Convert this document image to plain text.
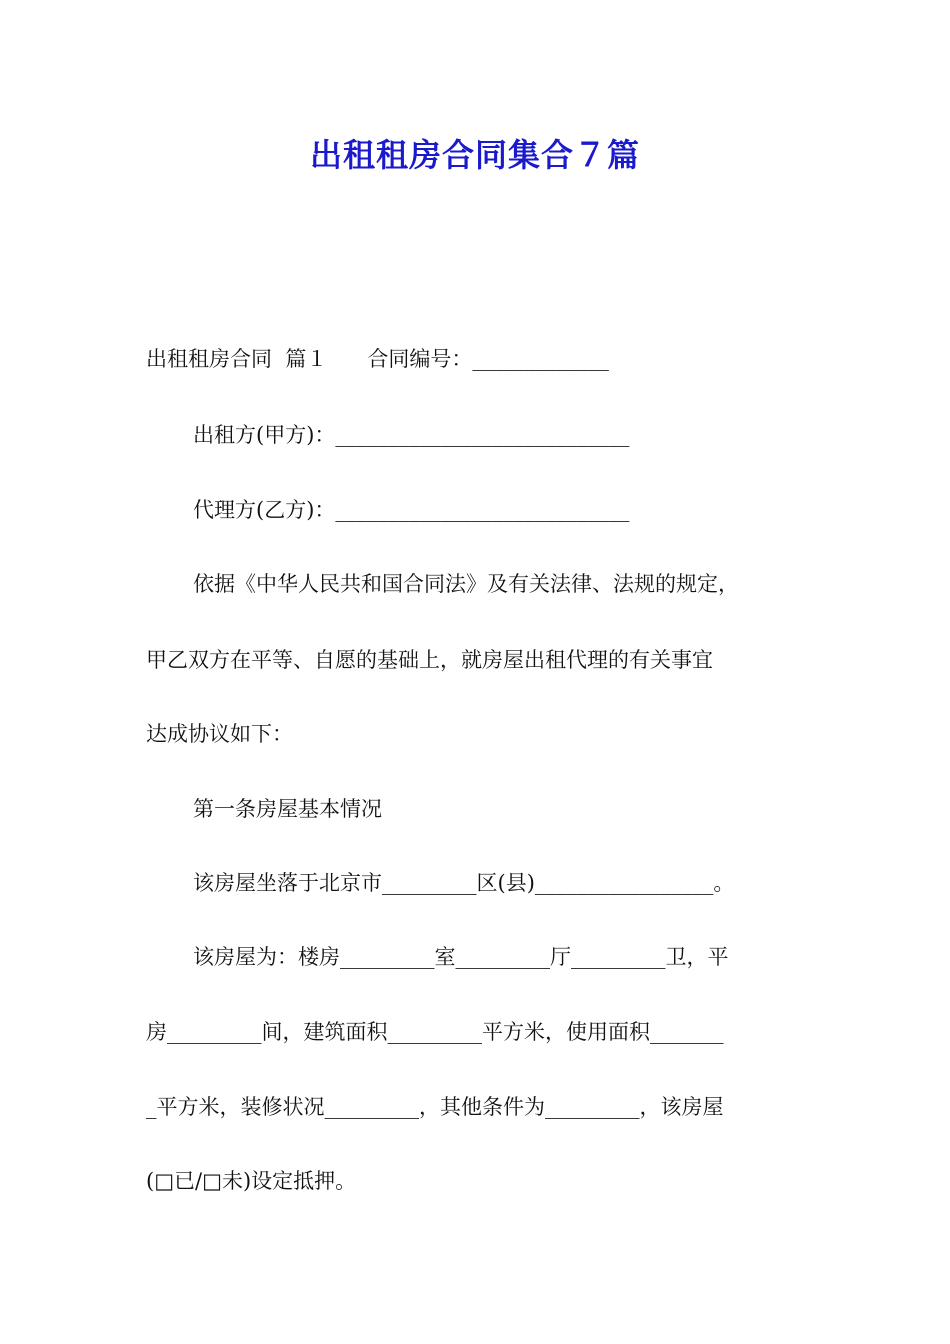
出租租房合同集合７篇
出租租房合同  篇１      合同编号：_____________
出租方(甲方)：____________________________
代理方(乙方)：____________________________
依据《中华人民共和国合同法》及有关法律、法规的规定，
甲乙双方在平等、自愿的基础上，就房屋出租代理的有关事宜
达成协议如下：
第一条房屋基本情况
该房屋坐落于北京市_________区(县)_________________。
该房屋为：楼房_________室_________厅_________卫，平
房_________间，建筑面积_________平方米，使用面积_______
_平方米，装修状况_________，其他条件为_________，该房屋
(□已/□未)设定抵押。
